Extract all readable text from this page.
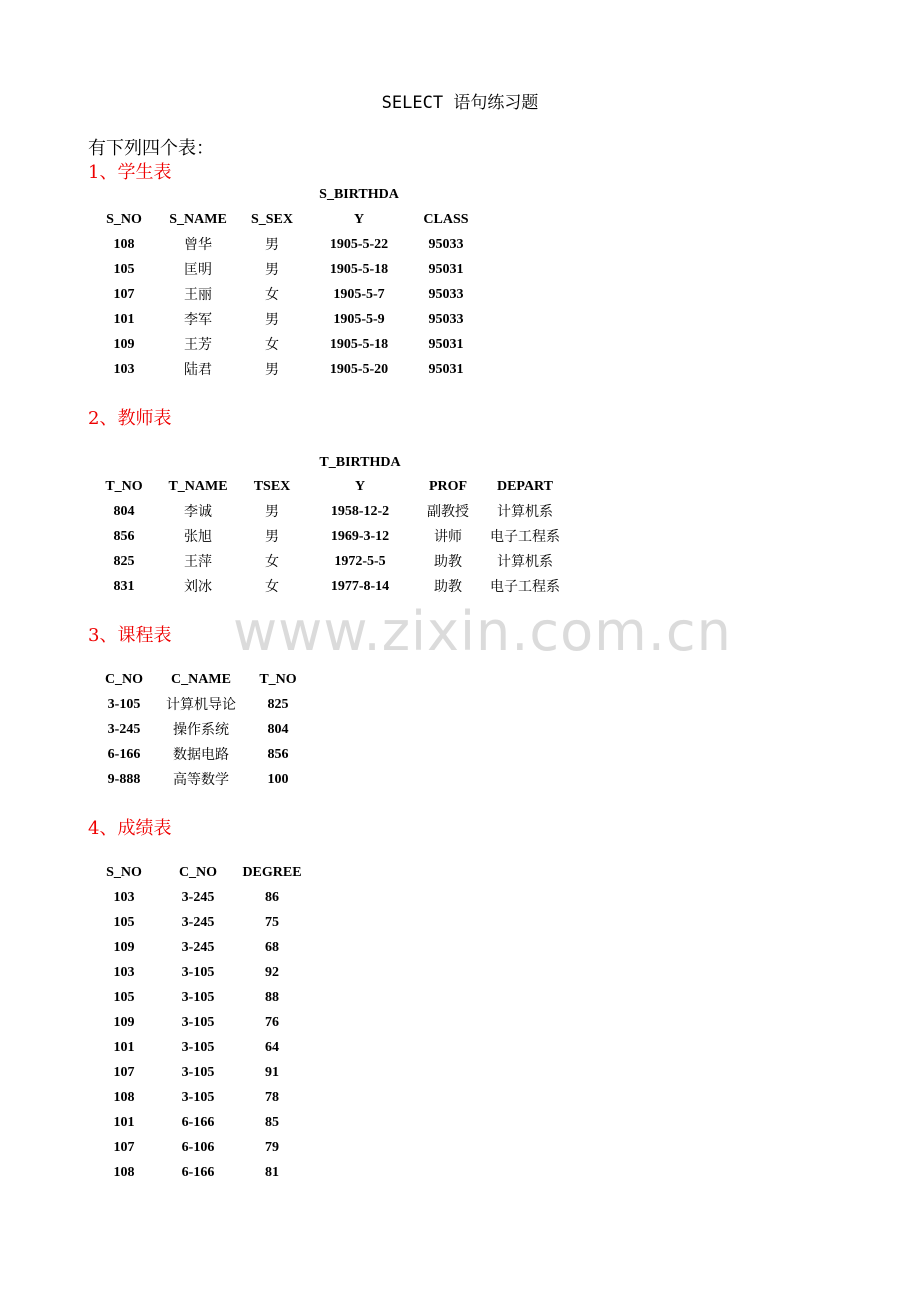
SELECT 语句练习题
有下列四个表：
www.zixin.com.cn
1、学生表
2、教师表
3、课程表
4、成绩表
S_BIRTHDA
S_NO	S_NAME	S_SEX	Y	CLASS
108	曾华	男	1905-5-22	95033
105	匡明	男	1905-5-18	95031
107	王丽	女	1905-5-7	95033
101	李军	男	1905-5-9	95033
109	王芳	女	1905-5-18	95031
103	陆君	男	1905-5-20	95031
T_BIRTHDA
T_NO	T_NAME	TSEX	Y	PROF	DEPART
804	李诚	男	1958-12-2	副教授	计算机系
856	张旭	男	1969-3-12	讲师	电子工程系
825	王萍	女	1972-5-5	助教	计算机系
831	刘冰	女	1977-8-14	助教	电子工程系
C_NO	C_NAME	T_NO
3-105	计算机导论	825
3-245	操作系统	804
6-166	数据电路	856
9-888	高等数学	100
S_NO	C_NO	DEGREE
103	3-245	86
105	3-245	75
109	3-245	68
103	3-105	92
105	3-105	88
109	3-105	76
101	3-105	64
107	3-105	91
108	3-105	78
101	6-166	85
107	6-106	79
108	6-166	81
